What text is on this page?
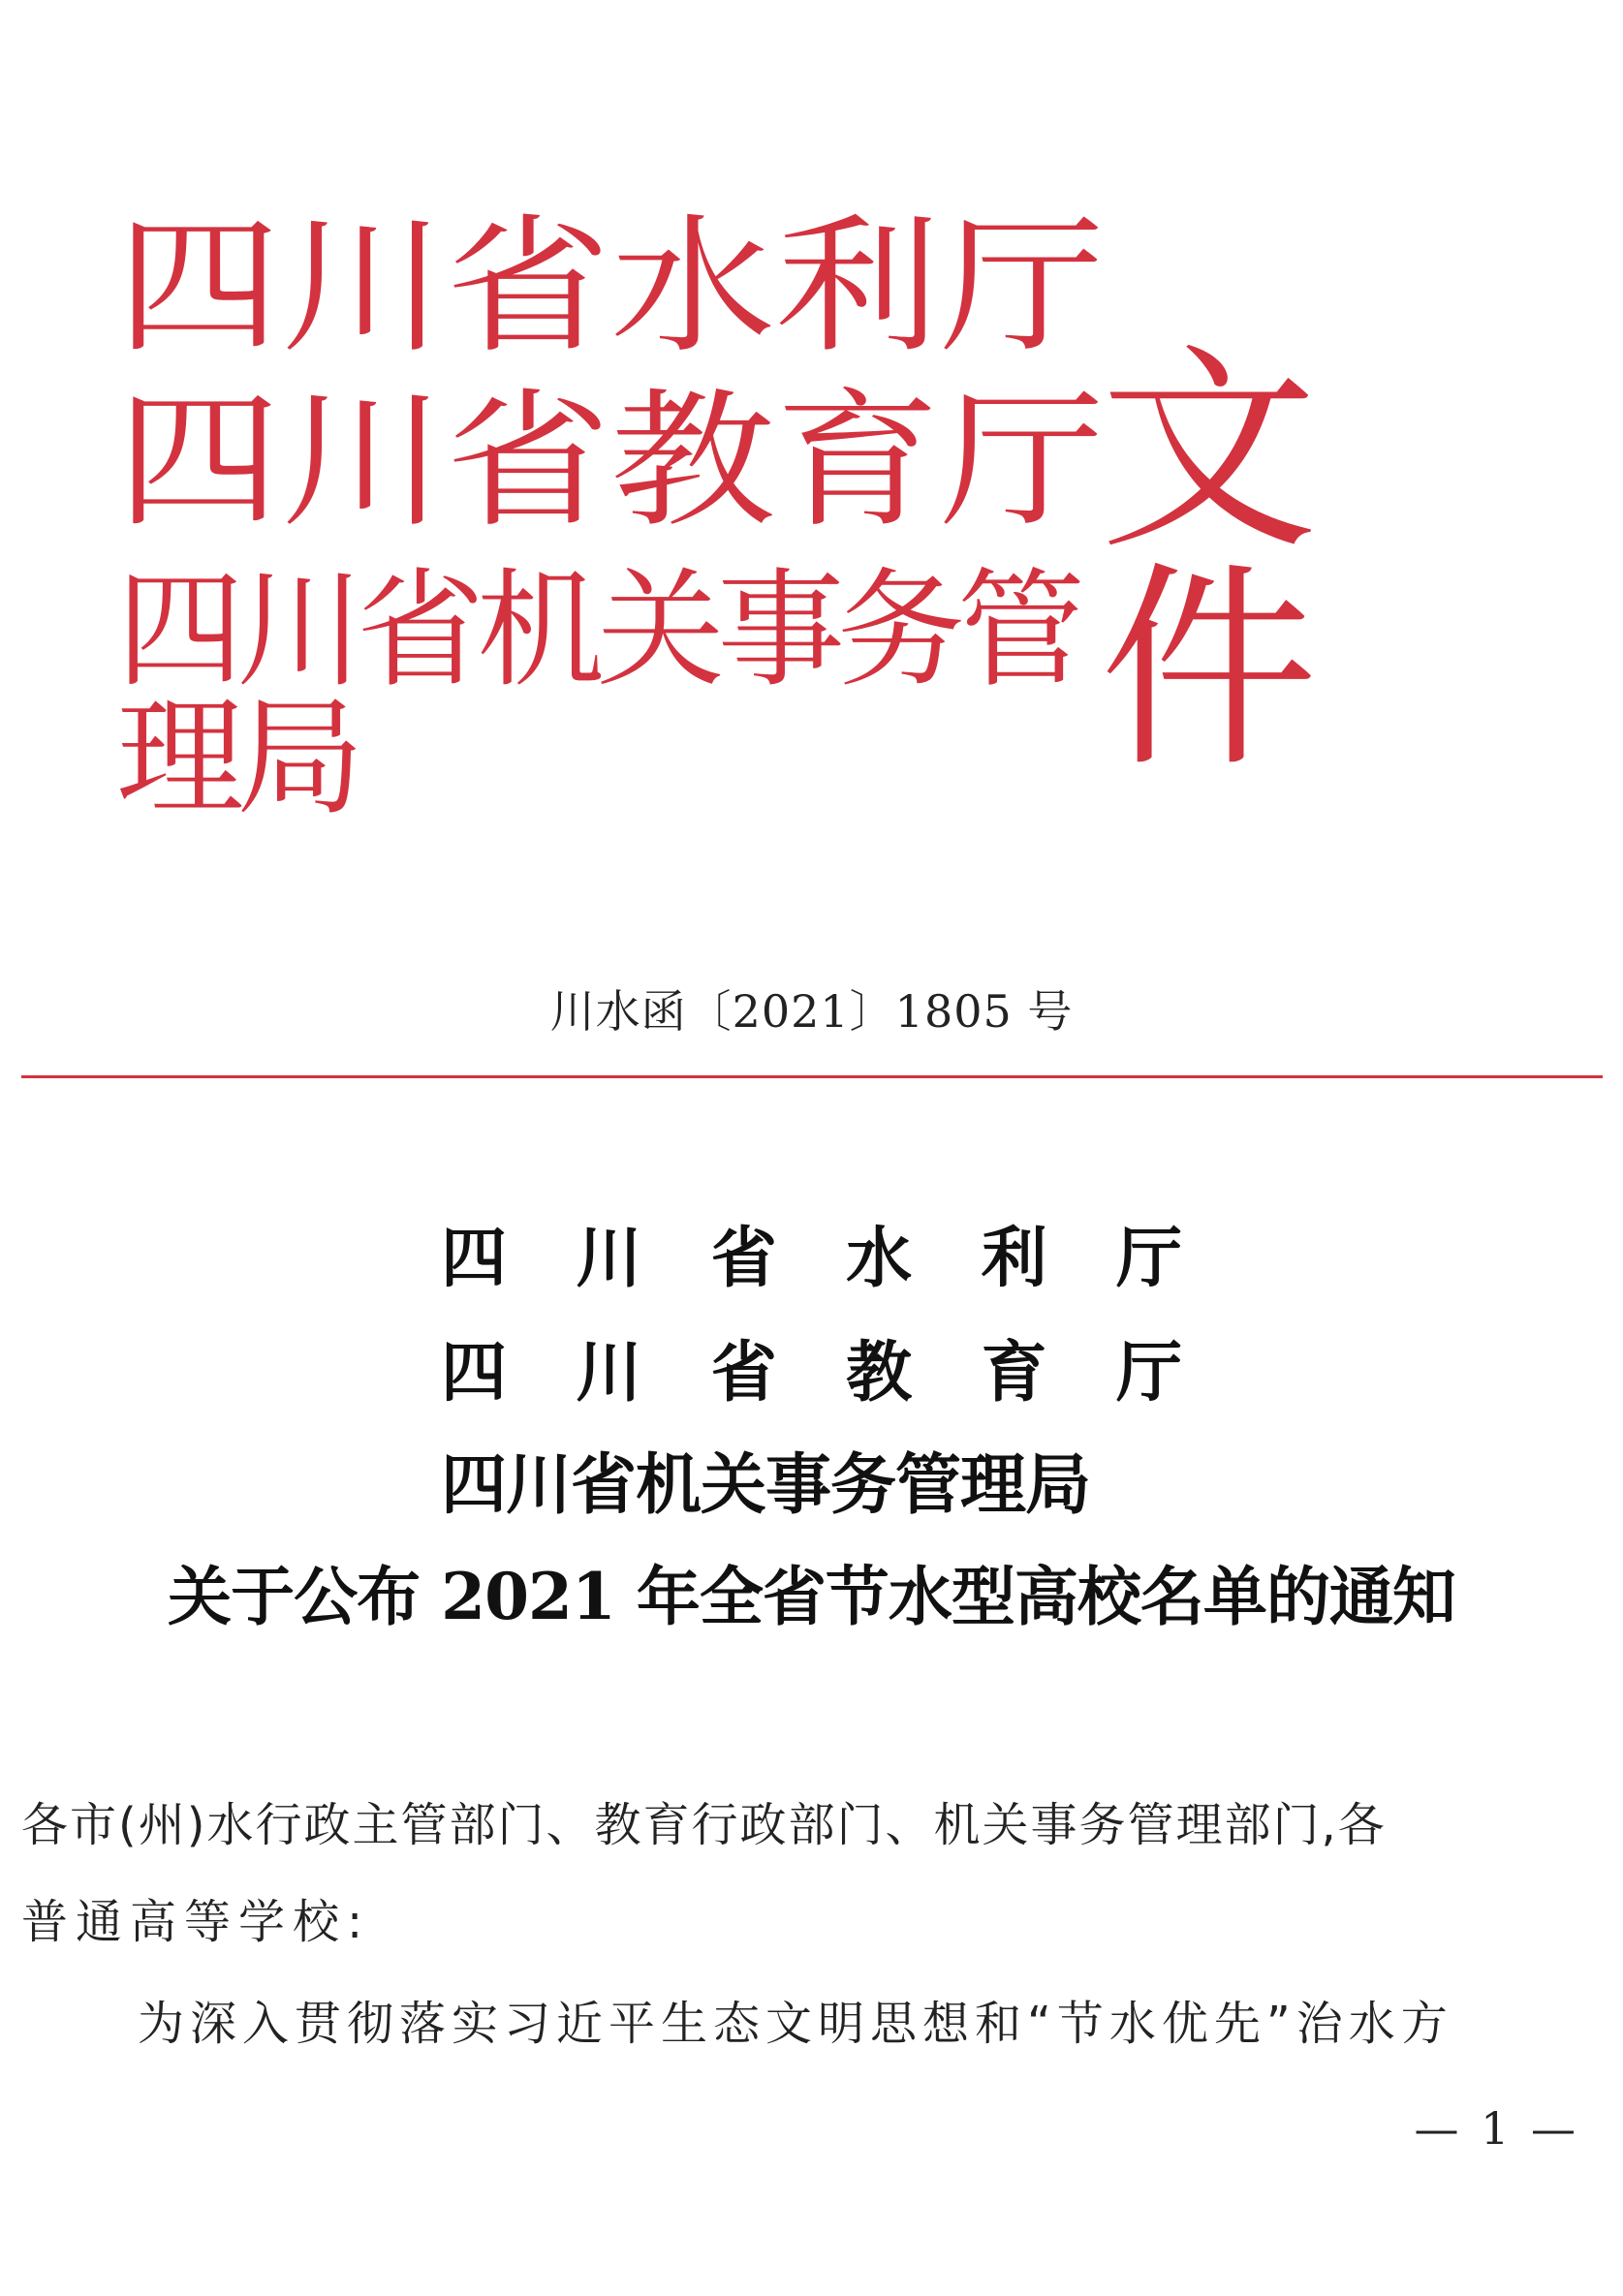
四 川 省 水 利 厅
四 川 省 教 育 厅
四川省机关事务管理局
文件
川水函〔2021〕1805 号
四 川 省 水 利 厅
四 川 省 教 育 厅
四川省机关事务管理局
关于公布 2021 年全省节水型高校名单的通知
各市(州)水行政主管部门、教育行政部门、机关事务管理部门,各
普通高等学校:
为深入贯彻落实习近平生态文明思想和“节水优先”治水方
— 1 —
